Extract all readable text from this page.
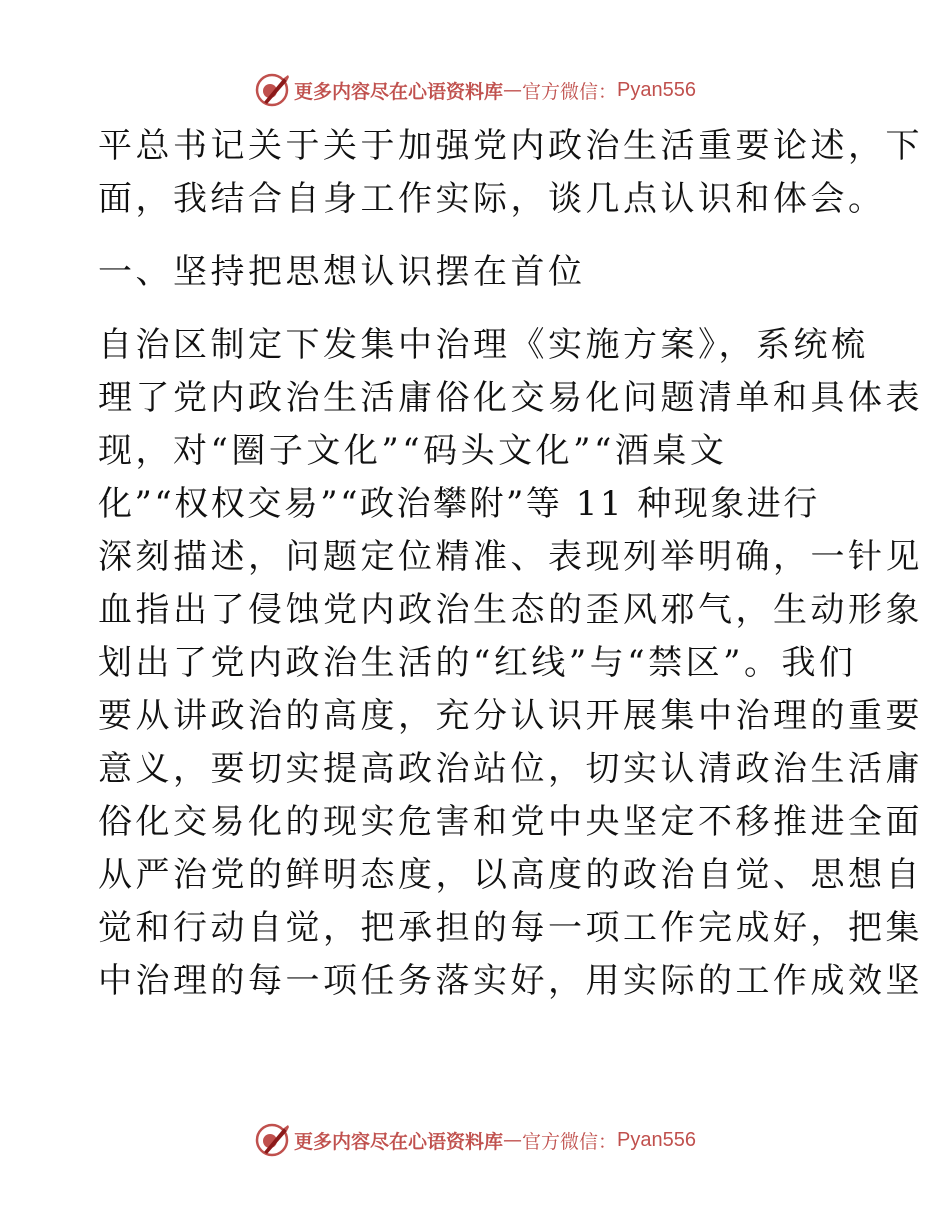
更多内容尽在心语资料库 — 官方微信： Pyan556
平总书记关于关于加强党内政治生活重要论述，下
面，我结合自身工作实际，谈几点认识和体会。
一、坚持把思想认识摆在首位
自治区制定下发集中治理《实施方案》，系统梳
理了党内政治生活庸俗化交易化问题清单和具体表
现，对“圈子文化”“码头文化”“酒桌文
化”“权权交易”“政治攀附”等 11 种现象进行
深刻描述，问题定位精准、表现列举明确，一针见
血指出了侵蚀党内政治生态的歪风邪气，生动形象
划出了党内政治生活的“红线”与“禁区”。我们
要从讲政治的高度，充分认识开展集中治理的重要
意义，要切实提高政治站位，切实认清政治生活庸
俗化交易化的现实危害和党中央坚定不移推进全面
从严治党的鲜明态度，以高度的政治自觉、思想自
觉和行动自觉，把承担的每一项工作完成好，把集
中治理的每一项任务落实好，用实际的工作成效坚
更多内容尽在心语资料库 — 官方微信： Pyan556
